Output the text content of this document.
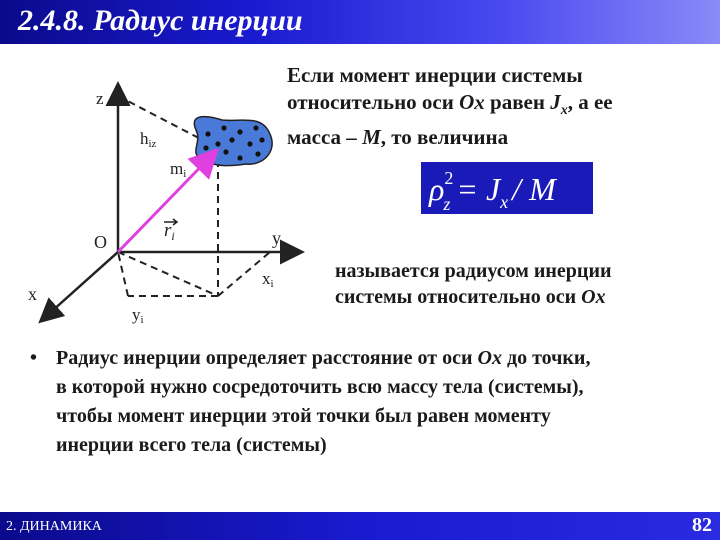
2.4.8. Радиус инерции
z
hiz
mi
$r_i$
O	y
x
xi
yi
Если момент инерции системы
относительно оси Ox равен $J_x$, а ее
масса – M, то величина
$\rho^2$ $z = J_x / M$
называется радиусом инерции
системы относительно оси Ox
• Радиус инерции определяет расстояние от оси Ox до точки,
в которой нужно сосредоточить всю массу тела (системы),
чтобы момент инерции этой точки был равен моменту
инерции всего тела (системы)
2. ДИНАМИКА	82
